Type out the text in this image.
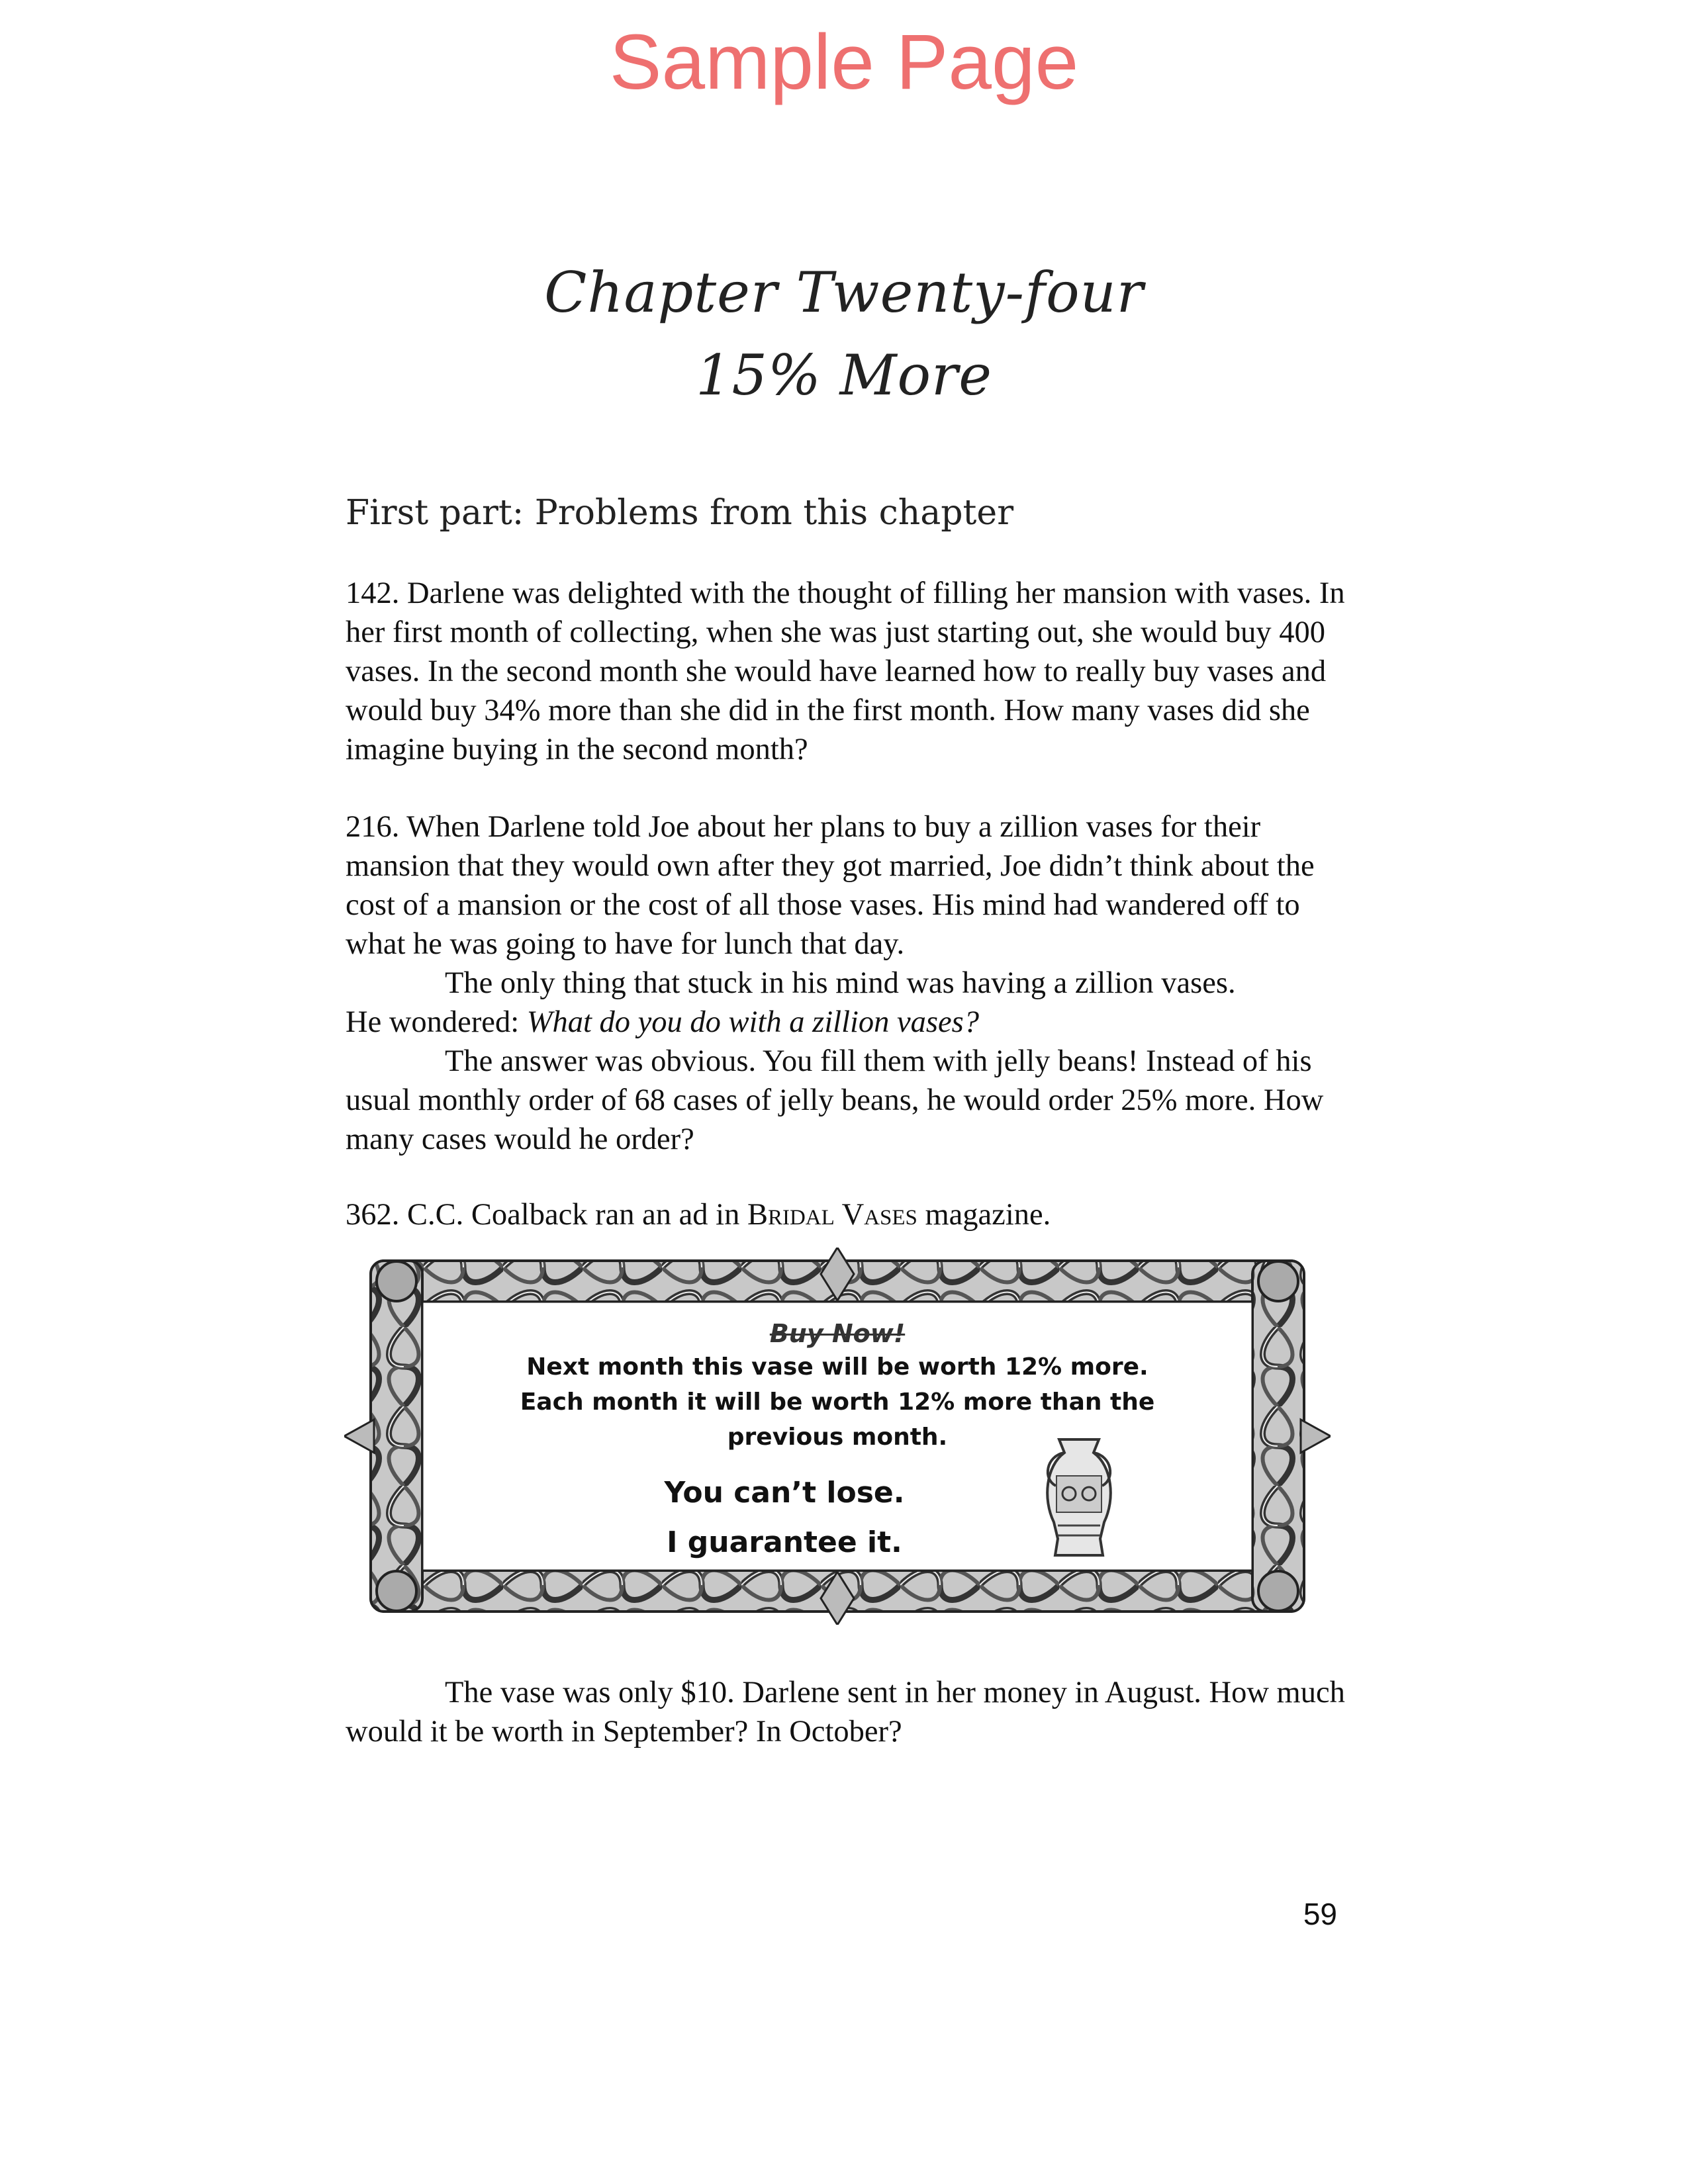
Sample Page
Chapter Twenty-four
15% More
First part: Problems from this chapter

142. Darlene was delighted with the thought of filling her mansion with vases. In her first month of collecting, when she was just starting out, she would buy 400 vases. In the second month she would have learned how to really buy vases and would buy 34% more than she did in the first month. How many vases did she imagine buying in the second month?

216. When Darlene told Joe about her plans to buy a zillion vases for their mansion that they would own after they got married, Joe didn’t think about the cost of a mansion or the cost of all those vases. His mind had wandered off to what he was going to have for lunch that day.

The only thing that stuck in his mind was having a zillion vases.

He wondered: What do you do with a zillion vases?

The answer was obvious. You fill them with jelly beans! Instead of his usual monthly order of 68 cases of jelly beans, he would order 25% more. How many cases would he order?

362. C.C. Coalback ran an ad in Bridal Vases magazine.

Buy Now!
Next month this vase will be worth 12% more.
Each month it will be worth 12% more than the
previous month.
You can’t lose.
I guarantee it.

The vase was only $10. Darlene sent in her money in August. How much would it be worth in September? In October?

59
